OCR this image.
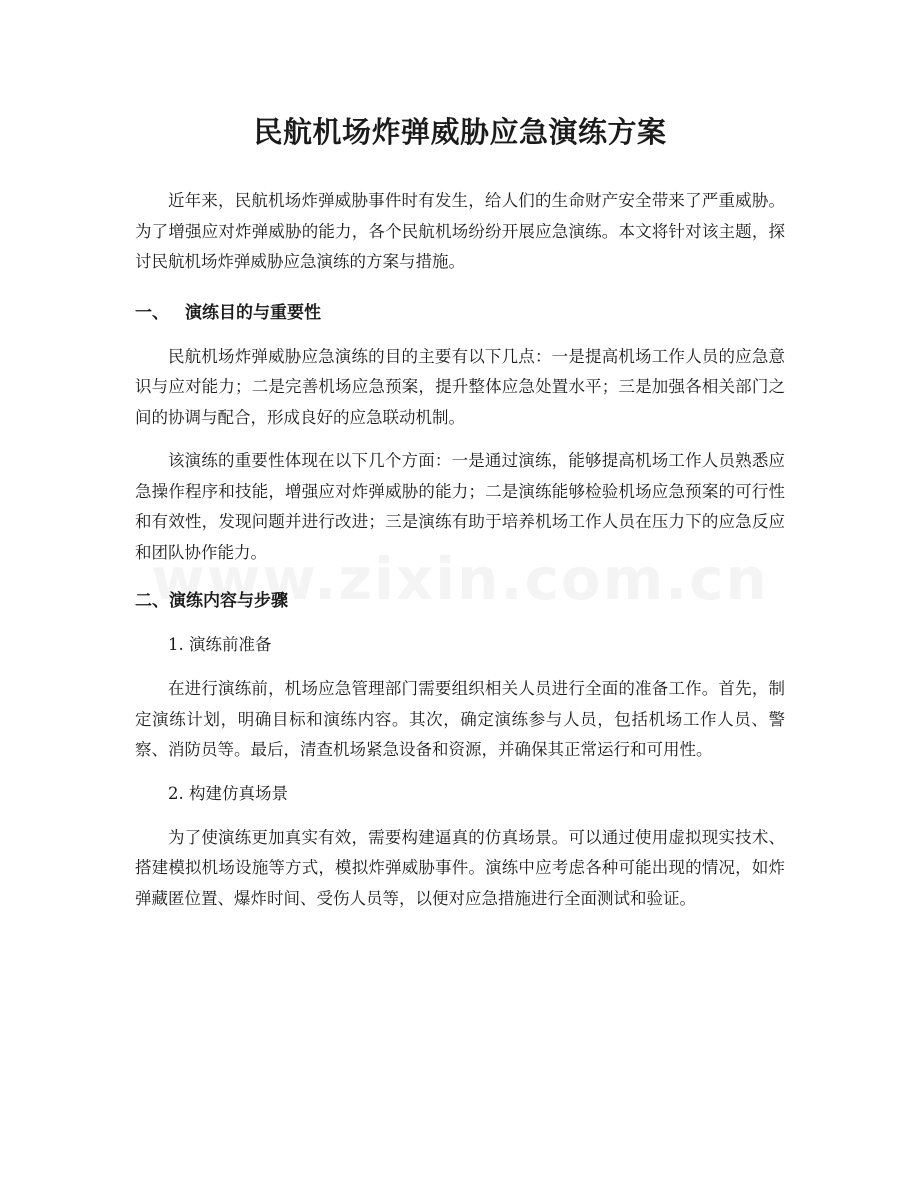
民航机场炸弹威胁应急演练方案

近年来，民航机场炸弹威胁事件时有发生，给人们的生命财产安全带来了严重威胁。为了增强应对炸弹威胁的能力，各个民航机场纷纷开展应急演练。本文将针对该主题，探讨民航机场炸弹威胁应急演练的方案与措施。

一、 演练目的与重要性

民航机场炸弹威胁应急演练的目的主要有以下几点：一是提高机场工作人员的应急意识与应对能力；二是完善机场应急预案，提升整体应急处置水平；三是加强各相关部门之间的协调与配合，形成良好的应急联动机制。

该演练的重要性体现在以下几个方面：一是通过演练，能够提高机场工作人员熟悉应急操作程序和技能，增强应对炸弹威胁的能力；二是演练能够检验机场应急预案的可行性和有效性，发现问题并进行改进；三是演练有助于培养机场工作人员在压力下的应急反应和团队协作能力。

二、演练内容与步骤

1. 演练前准备

在进行演练前，机场应急管理部门需要组织相关人员进行全面的准备工作。首先，制定演练计划，明确目标和演练内容。其次，确定演练参与人员，包括机场工作人员、警察、消防员等。最后，清查机场紧急设备和资源，并确保其正常运行和可用性。

2. 构建仿真场景

为了使演练更加真实有效，需要构建逼真的仿真场景。可以通过使用虚拟现实技术、搭建模拟机场设施等方式，模拟炸弹威胁事件。演练中应考虑各种可能出现的情况，如炸弹藏匿位置、爆炸时间、受伤人员等，以便对应急措施进行全面测试和验证。
